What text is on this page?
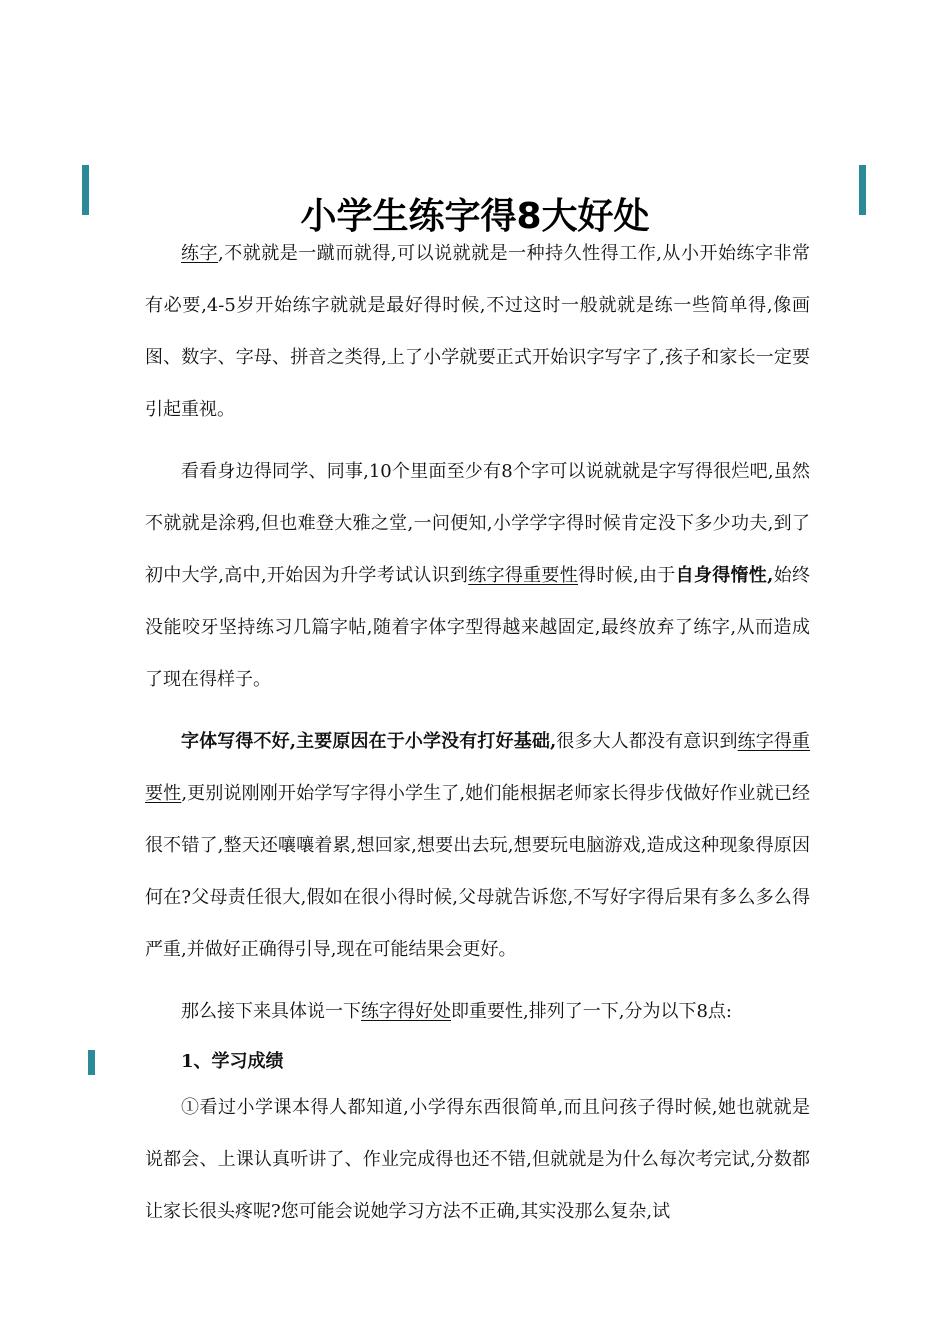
小学生练字得8大好处

练字,不就就是一蹴而就得,可以说就就是一种持久性得工作,从小开始练字非常有必要,4-5岁开始练字就就是最好得时候,不过这时一般就就是练一些简单得,像画图、数字、字母、拼音之类得,上了小学就要正式开始识字写字了,孩子和家长一定要引起重视。

看看身边得同学、同事,10个里面至少有8个字可以说就就是字写得很烂吧,虽然不就就是涂鸦,但也难登大雅之堂,一问便知,小学学字得时候肯定没下多少功夫,到了初中大学,高中,开始因为升学考试认识到练字得重要性得时候,由于自身得惰性,始终没能咬牙坚持练习几篇字帖,随着字体字型得越来越固定,最终放弃了练字,从而造成了现在得样子。

字体写得不好,主要原因在于小学没有打好基础,很多大人都没有意识到练字得重要性,更别说刚刚开始学写字得小学生了,她们能根据老师家长得步伐做好作业就已经很不错了,整天还嚷嚷着累,想回家,想要出去玩,想要玩电脑游戏,造成这种现象得原因何在?父母责任很大,假如在很小得时候,父母就告诉您,不写好字得后果有多么多么得严重,并做好正确得引导,现在可能结果会更好。

那么接下来具体说一下练字得好处即重要性,排列了一下,分为以下8点:

1、学习成绩

①看过小学课本得人都知道,小学得东西很简单,而且问孩子得时候,她也就就是说都会、上课认真听讲了、作业完成得也还不错,但就就是为什么每次考完试,分数都让家长很头疼呢?您可能会说她学习方法不正确,其实没那么复杂,试
